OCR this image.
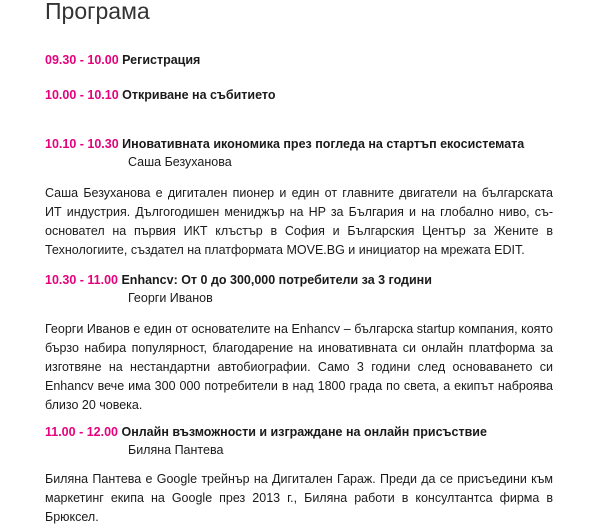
Програма
09.30 - 10.00 Регистрация
10.00 - 10.10 Откриване на събитието
10.10 - 10.30 Иновативната икономика през погледа на стартъп екосистемата
Саша Безуханова

Саша Безуханова е дигитален пионер и един от главните двигатели на българската ИТ индустрия. Дългогодишен мениджър на HP за България и на глобално ниво, съ-основател на първия ИКТ клъстър в София и Българския Център за Жените в Технологиите, създател на платформата MOVE.BG и инициатор на мрежата EDIT.

10.30 - 11.00 Enhancv: От 0 до 300,000 потребители за 3 години
Георги Иванов

Георги Иванов е един от основателите на Enhancv – българска startup компания, която бързо набира популярност, благодарение на иновативната си онлайн платформа за изготвяне на нестандартни автобиографии. Само 3 години след основаването си Enhancv вече има 300 000 потребители в над 1800 града по света, а екипът наброява близо 20 човека.

11.00 - 12.00 Онлайн възможности и изграждане на онлайн присъствие
Биляна Пантева

Биляна Пантева е Google трейнър на Дигитален Гараж. Преди да се присъедини към маркетинг екипа на Google през 2013 г., Биляна работи в консултантса фирма в Брюксел.
